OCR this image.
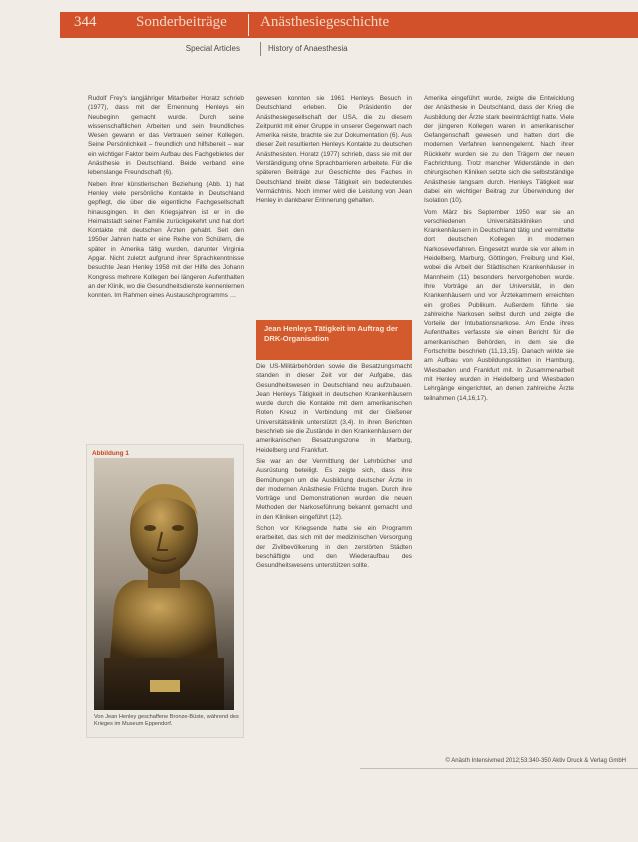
344	Sonderbeiträge Anästhesiegeschichte
Special Articles	History of Anaesthesia

Rudolf Frey's langjähriger Mitarbeiter Horatz schrieb (1977), dass mit der Ernennung Henleys ein Neubeginn gemacht wurde. Durch seine wissenschaftlichen Arbeiten und sein freundliches Wesen gewann er das Vertrauen seiner Kollegen. Seine Persönlichkeit – freundlich und hilfsbereit – war ein wichtiger Faktor beim Aufbau des Fachgebietes der Anästhesie in Deutschland. Beide verband eine lebenslange Freundschaft (6).

Neben ihrer künstlerischen Beziehung (Abb. 1) hat Henley viele persönliche Kontakte in Deutschland gepflegt, die über die eigentliche Fachgesellschaft hinausgingen. In den Kriegsjahren ist er in die Heimatstadt seiner Familie zurückgekehrt und hat dort Kontakte mit deutschen Ärzten gehabt. Seit den 1950er Jahren hatte er eine Reihe von Schülern, die später in Amerika tätig wurden, darunter Virginia Apgar. Nicht zuletzt aufgrund ihrer Sprachkenntnisse besuchte Jean Henley 1958 mit der Hilfe des Johann Kongress mehrere Kollegen bei längeren Aufenthalten an der Klinik, wo die Gesundheitsdienste kennenlernen konnten. Im Rahmen eines Austauschprogramms …

gewesen konnten sie 1961 Henleys Besuch in Deutschland erleben. Die Präsidentin der Anästhesiegesellschaft der USA, die zu diesem Zeitpunkt mit einer Gruppe in unserer Gegenwart nach Amerika reiste, brachte sie zur Dokumentation (6). Aus dieser Zeit resultierten Henleys Kontakte zu deutschen Anästhesisten. Horatz (1977) schrieb, dass sie mit der Verständigung ohne Sprachbarrieren arbeitete. Für die späteren Beiträge zur Geschichte des Faches in Deutschland bleibt diese Tätigkeit ein bedeutendes Vermächtnis. Noch immer wird die Leistung von Jean Henley in dankbarer Erinnerung gehalten.

Jean Henleys Tätigkeit im Auftrag der DRK-Organisation

Die US-Militärbehörden sowie die Besatzungsmacht standen in dieser Zeit vor der Aufgabe, das Gesundheitswesen in Deutschland neu aufzubauen. Jean Henleys Tätigkeit in deutschen Krankenhäusern wurde durch die Kontakte mit dem amerikanischen Roten Kreuz in Verbindung mit der Gießener Universitätsklinik unterstützt (3,4). In ihren Berichten beschrieb sie die Zustände in den Krankenhäusern der amerikanischen Besatzungszone in Marburg, Heidelberg und Frankfurt.

Sie war an der Vermittlung der Lehrbücher und Ausrüstung beteiligt. Es zeigte sich, dass ihre Bemühungen um die Ausbildung deutscher Ärzte in der modernen Anästhesie Früchte trugen. Durch ihre Vorträge und Demonstrationen wurden die neuen Methoden der Narkoseführung bekannt gemacht und in den Kliniken eingeführt (12).

Schon vor Kriegsende hatte sie ein Programm erarbeitet, das sich mit der medizinischen Versorgung der Zivilbevölkerung in den zerstörten Städten beschäftigte und den Wiederaufbau des Gesundheitswesens unterstützen sollte.

Amerika eingeführt wurde, zeigte die Entwicklung der Anästhesie in Deutschland, dass der Krieg die Ausbildung der Ärzte stark beeinträchtigt hatte. Viele der jüngeren Kollegen waren in amerikanischer Gefangenschaft gewesen und hatten dort die modernen Verfahren kennengelernt. Nach ihrer Rückkehr wurden sie zu den Trägern der neuen Fachrichtung. Trotz mancher Widerstände in den chirurgischen Kliniken setzte sich die selbstständige Anästhesie langsam durch. Henleys Tätigkeit war dabei ein wichtiger Beitrag zur Überwindung der Isolation (10).

Vom März bis September 1950 war sie an verschiedenen Universitätskliniken und Krankenhäusern in Deutschland tätig und vermittelte dort deutschen Kollegen in modernen Narkoseverfahren. Eingesetzt wurde sie vor allem in Heidelberg, Marburg, Göttingen, Freiburg und Kiel, wobei die Arbeit der Städtischen Krankenhäuser in Mannheim (11) besonders hervorgehoben wurde. Ihre Vorträge an der Universität, in den Krankenhäusern und vor Ärztekammern erreichten ein großes Publikum. Außerdem führte sie zahlreiche Narkosen selbst durch und zeigte die Vorteile der Intubationsnarkose. Am Ende ihres Aufenthaltes verfasste sie einen Bericht für die amerikanischen Behörden, in dem sie die Fortschritte beschrieb (11,13,15). Danach wirkte sie am Aufbau von Ausbildungsstätten in Hamburg, Wiesbaden und Frankfurt mit. In Zusammenarbeit mit Henley wurden in Heidelberg und Wiesbaden Lehrgänge eingerichtet, an denen zahlreiche Ärzte teilnahmen (14,16,17).

Abbildung 1
Von Jean Henley geschaffene Bronze-Büste, während des Krieges im Museum Eppendorf.
© Anästh Intensivmed 2012;53:340-350 Aktiv Druck & Verlag GmbH
